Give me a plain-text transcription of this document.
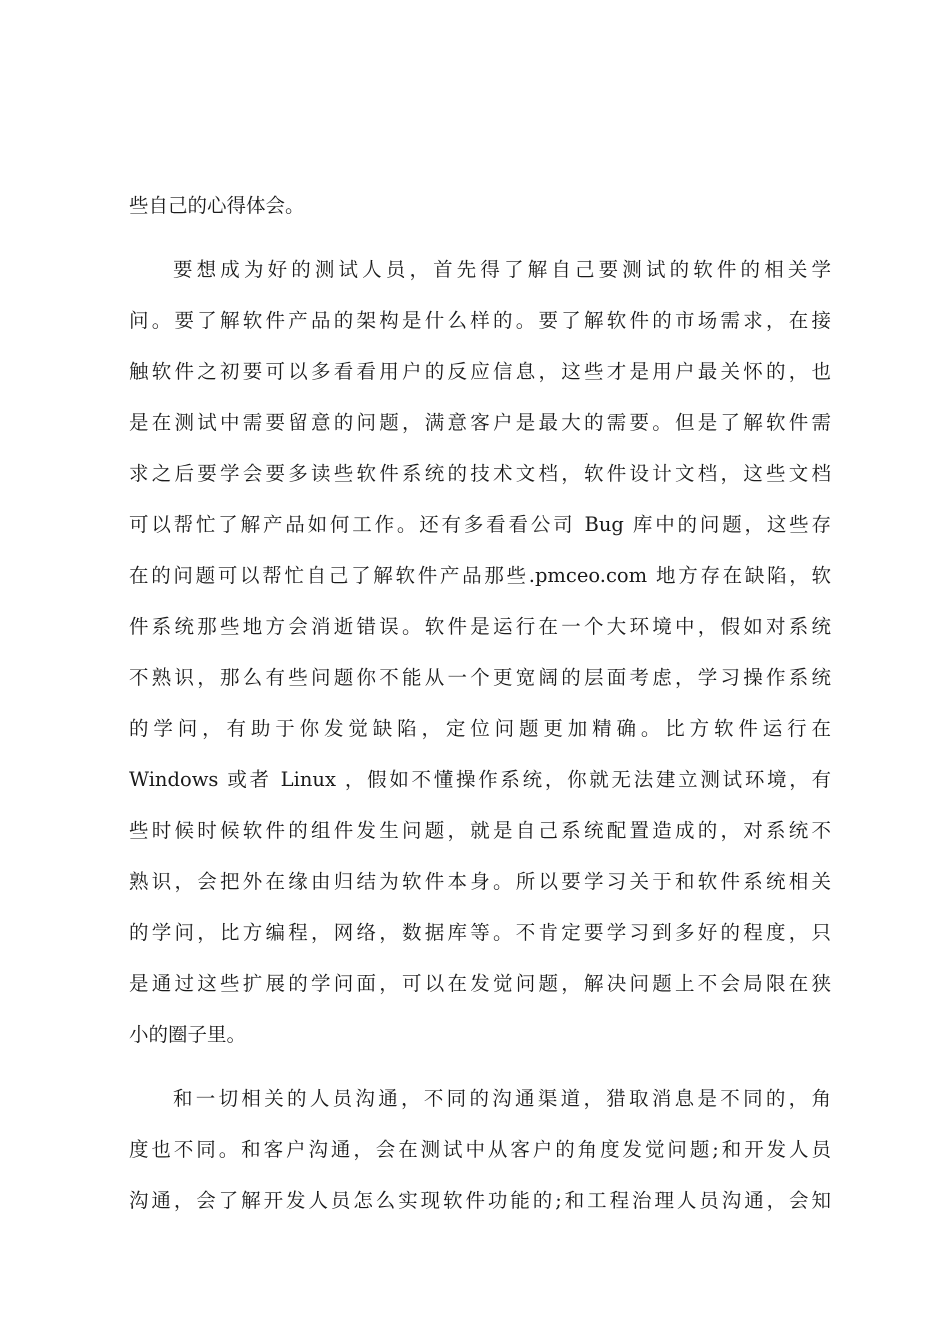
些自己的心得体会。
要想成为好的测试人员，首先得了解自己要测试的软件的相关学
问。要了解软件产品的架构是什么样的。要了解软件的市场需求，在接
触软件之初要可以多看看用户的反应信息，这些才是用户最关怀的，也
是在测试中需要留意的问题，满意客户是最大的需要。但是了解软件需
求之后要学会要多读些软件系统的技术文档，软件设计文档，这些文档
可以帮忙了解产品如何工作。还有多看看公司 Bug 库中的问题，这些存
在的问题可以帮忙自己了解软件产品那些.pmceo.com 地方存在缺陷，软
件系统那些地方会消逝错误。软件是运行在一个大环境中，假如对系统
不熟识，那么有些问题你不能从一个更宽阔的层面考虑，学习操作系统
的学问，有助于你发觉缺陷，定位问题更加精确。比方软件运行在
Windows 或者 Linux ，假如不懂操作系统，你就无法建立测试环境，有
些时候时候软件的组件发生问题，就是自己系统配置造成的，对系统不
熟识，会把外在缘由归结为软件本身。所以要学习关于和软件系统相关
的学问，比方编程，网络，数据库等。不肯定要学习到多好的程度，只
是通过这些扩展的学问面，可以在发觉问题，解决问题上不会局限在狭
小的圈子里。
和一切相关的人员沟通，不同的沟通渠道，猎取消息是不同的，角
度也不同。和客户沟通，会在测试中从客户的角度发觉问题;和开发人员
沟通，会了解开发人员怎么实现软件功能的;和工程治理人员沟通，会知
